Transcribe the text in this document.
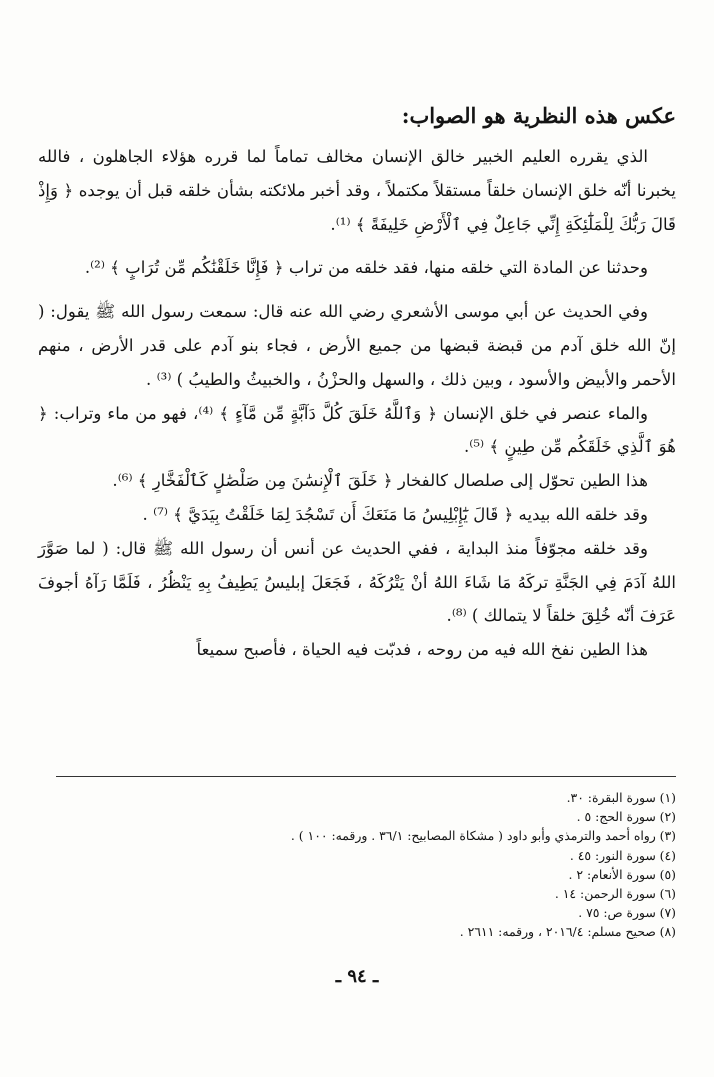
عكس هذه النظرية هو الصواب:

الذي يقرره العليم الخبير خالق الإنسان مخالف تماماً لما قرره هؤلاء الجاهلون ، فالله يخبرنا أنّه خلق الإنسان خلقاً مستقلاً مكتملاً ، وقد أخبر ملائكته بشأن خلقه قبل أن يوجده ﴿ وَإِذْ قَالَ رَبُّكَ لِلْمَلَٰٓئِكَةِ إِنِّي جَاعِلٌ فِي ٱلْأَرْضِ خَلِيفَةً ﴾ ⁽¹⁾.

وحدثنا عن المادة التي خلقه منها، فقد خلقه من تراب ﴿ فَإِنَّا خَلَقْنَٰكُم مِّن تُرَابٍ ﴾ ⁽²⁾.

وفي الحديث عن أبي موسى الأشعري رضي الله عنه قال: سمعت رسول الله ﷺ يقول: ( إنّ الله خلق آدم من قبضة قبضها من جميع الأرض ، فجاء بنو آدم على قدر الأرض ، منهم الأحمر والأبيض والأسود ، وبين ذلك ، والسهل والحزْنُ ، والخبيثُ والطيبُ ) ⁽³⁾ .

والماء عنصر في خلق الإنسان ﴿ وَٱللَّهُ خَلَقَ كُلَّ دَآبَّةٍ مِّن مَّآءٍ ﴾ ⁽⁴⁾، فهو من ماء وتراب: ﴿ هُوَ ٱلَّذِي خَلَقَكُم مِّن طِينٍ ﴾ ⁽⁵⁾.

هذا الطين تحوّل إلى صلصال كالفخار ﴿ خَلَقَ ٱلْإِنسَٰنَ مِن صَلْصَٰلٍ كَٱلْفَخَّارِ ﴾ ⁽⁶⁾.

وقد خلقه الله بيديه ﴿ قَالَ يَٰٓإِبْلِيسُ مَا مَنَعَكَ أَن تَسْجُدَ لِمَا خَلَقْتُ بِيَدَيَّ ﴾ ⁽⁷⁾ .

وقد خلقه مجوّفاً منذ البداية ، ففي الحديث عن أنس أن رسول الله ﷺ قال: ( لما صَوَّرَ اللهُ آدَمَ فِي الجَنَّةِ تركَهُ مَا شَاءَ اللهُ أنْ يَتْرُكَهُ ، فَجَعَلَ إبليسُ يَطِيفُ بِهِ يَنْظُرُ ، فَلَمَّا رَآهُ أجوفَ عَرَفَ أنّه خُلِقَ خلقاً لا يتمالك ) ⁽⁸⁾.

هذا الطين نفخ الله فيه من روحه ، فدبّت فيه الحياة ، فأصبح سميعاً

(١) سورة البقرة: ٣٠.
(٢) سورة الحج: ٥ .
(٣) رواه أحمد والترمذي وأبو داود ( مشكاة المصابيح: ٣٦/١ . ورقمه: ١٠٠ ) .
(٤) سورة النور: ٤٥ .
(٥) سورة الأنعام: ٢ .
(٦) سورة الرحمن: ١٤ .
(٧) سورة ص: ٧٥ .
(٨) صحيح مسلم: ٢٠١٦/٤ ، ورقمه: ٢٦١١ .
ـ ٩٤ ـ
